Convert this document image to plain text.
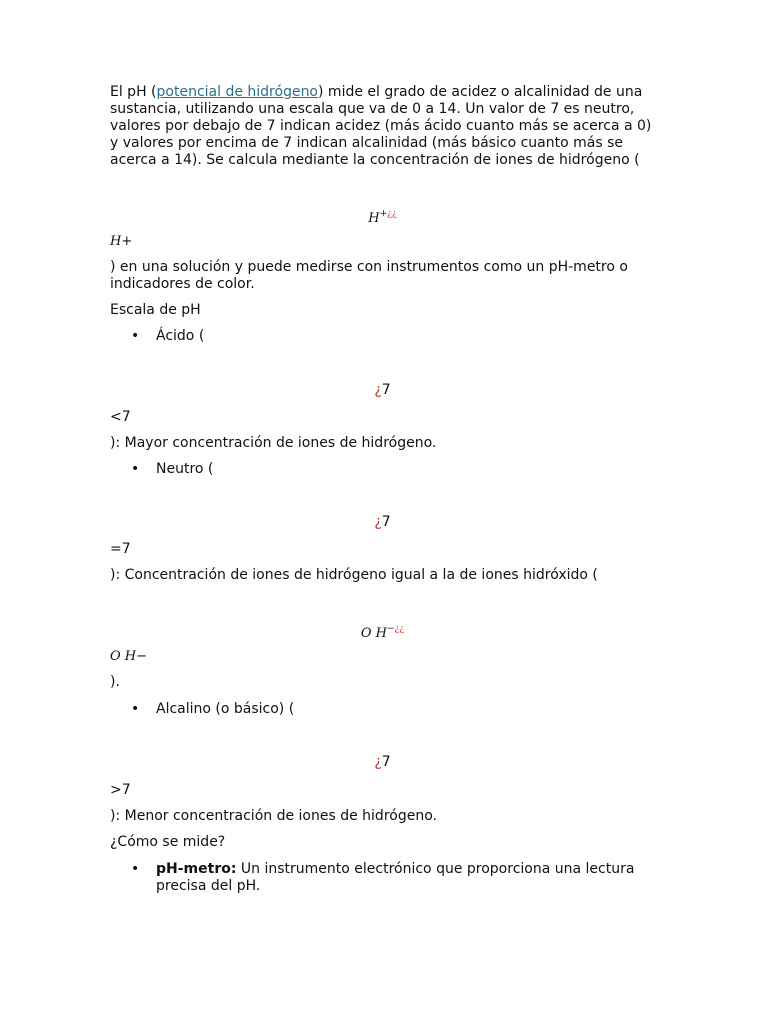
El pH (potencial de hidrógeno) mide el grado de acidez o alcalinidad de una sustancia, utilizando una escala que va de 0 a 14. Un valor de 7 es neutro, valores por debajo de 7 indican acidez (más ácido cuanto más se acerca a 0) y valores por encima de 7 indican alcalinidad (más básico cuanto más se acerca a 14). Se calcula mediante la concentración de iones de hidrógeno (

H+¿¿

H+

) en una solución y puede medirse con instrumentos como un pH-metro o indicadores de color.

Escala de pH

• Ácido (
¿7

<7

): Mayor concentración de iones de hidrógeno.

• Neutro (
¿7

=7

): Concentración de iones de hidrógeno igual a la de iones hidróxido (

O H−¿¿

O H−

).

• Alcalino (o básico) (
¿7

>7

): Menor concentración de iones de hidrógeno.

¿Cómo se mide?

• pH-metro: Un instrumento electrónico que proporciona una lectura precisa del pH.
